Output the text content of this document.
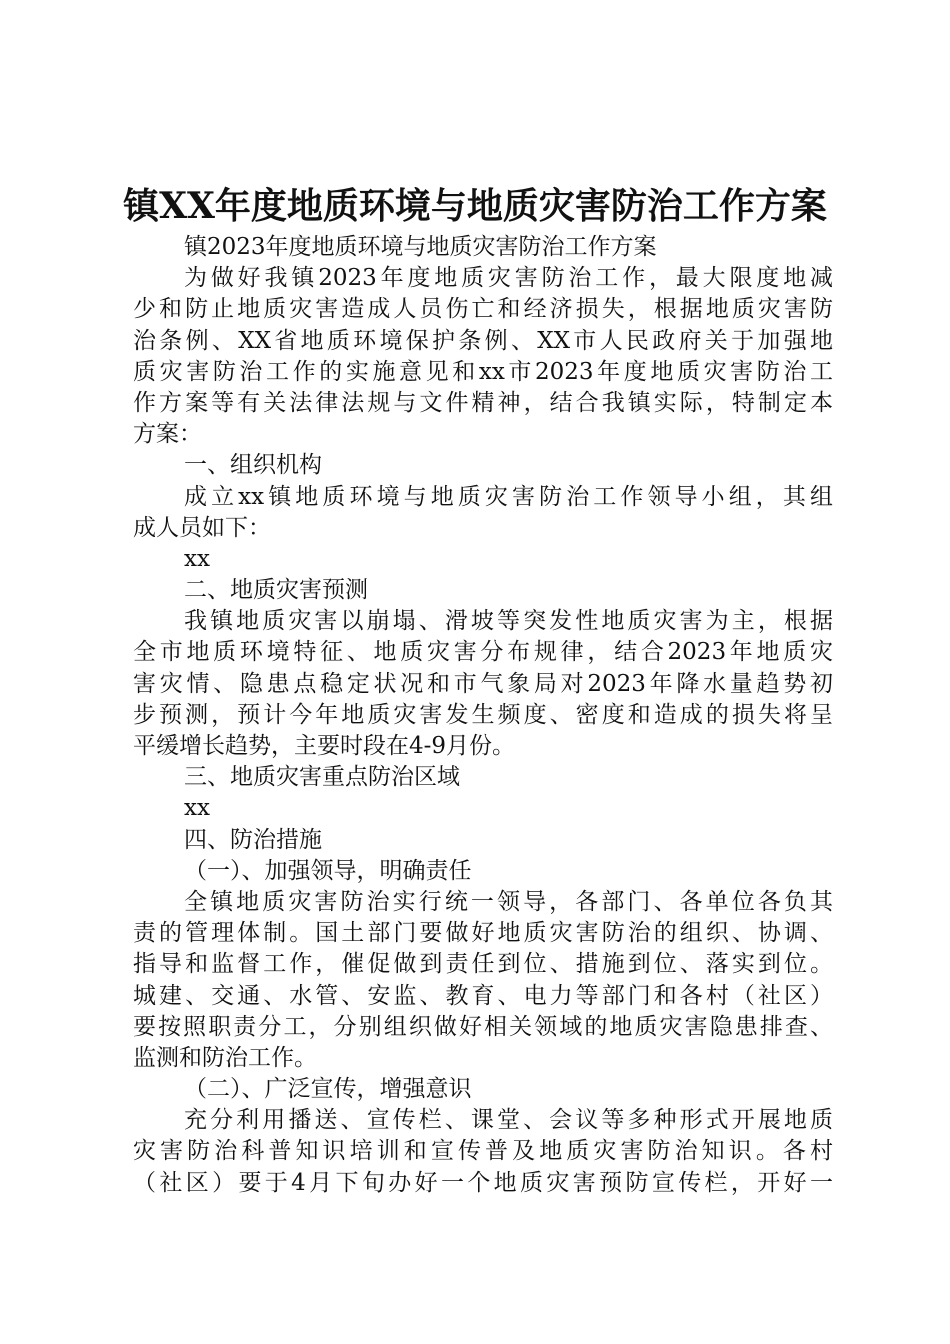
镇XX年度地质环境与地质灾害防治工作方案
镇2023年度地质环境与地质灾害防治工作方案
为做好我镇2023年度地质灾害防治工作，最大限度地减
少和防止地质灾害造成人员伤亡和经济损失，根据地质灾害防
治条例、XX省地质环境保护条例、XX市人民政府关于加强地
质灾害防治工作的实施意见和xx市2023年度地质灾害防治工
作方案等有关法律法规与文件精神，结合我镇实际，特制定本
方案：
一、组织机构
成立xx镇地质环境与地质灾害防治工作领导小组，其组
成人员如下：
xx
二、地质灾害预测
我镇地质灾害以崩塌、滑坡等突发性地质灾害为主，根据
全市地质环境特征、地质灾害分布规律，结合2023年地质灾
害灾情、隐患点稳定状况和市气象局对2023年降水量趋势初
步预测，预计今年地质灾害发生频度、密度和造成的损失将呈
平缓增长趋势，主要时段在4-9月份。
三、地质灾害重点防治区域
xx
四、防治措施
（一）、加强领导，明确责任
全镇地质灾害防治实行统一领导，各部门、各单位各负其
责的管理体制。国土部门要做好地质灾害防治的组织、协调、
指导和监督工作，催促做到责任到位、措施到位、落实到位。
城建、交通、水管、安监、教育、电力等部门和各村（社区）
要按照职责分工，分别组织做好相关领域的地质灾害隐患排查、
监测和防治工作。
（二）、广泛宣传，增强意识
充分利用播送、宣传栏、课堂、会议等多种形式开展地质
灾害防治科普知识培训和宣传普及地质灾害防治知识。各村
（社区）要于4月下旬办好一个地质灾害预防宣传栏，开好一
